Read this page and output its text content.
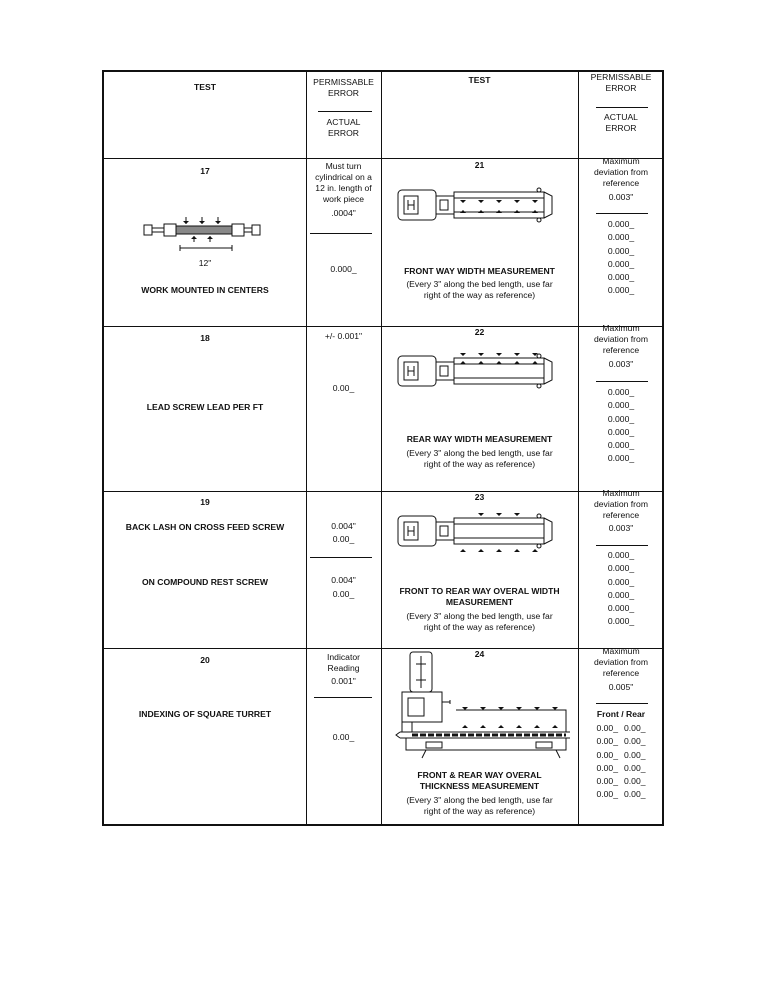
TEST	PERMISSABLE
ERROR
ACTUAL
ERROR
TEST	PERMISSABLE
ERROR
ACTUAL
ERROR
17
12"
WORK MOUNTED IN CENTERS
Must turn
cylindrical on a
12 in. length of
work piece
.0004"
0.000_
21
FRONT WAY WIDTH MEASUREMENT
(Every 3" along the bed length, use far
right of the way as reference)
Maximum
deviation from
reference
0.003"
0.000_
0.000_
0.000_
0.000_
0.000_
0.000_
18
LEAD SCREW LEAD PER FT
+/- 0.001"
0.00_
22
REAR WAY WIDTH MEASUREMENT
(Every 3" along the bed length, use far
right of the way as reference)
Maximum
deviation from
reference
0.003"
0.000_
0.000_
0.000_
0.000_
0.000_
0.000_
19
BACK LASH ON CROSS FEED SCREW
ON COMPOUND REST SCREW
0.004"
0.00_
0.004"
0.00_
23
FRONT TO REAR WAY OVERAL WIDTH
MEASUREMENT
(Every 3" along the bed length, use far
right of the way as reference)
Maximum
deviation from
reference
0.003"
0.000_
0.000_
0.000_
0.000_
0.000_
0.000_
20
INDEXING OF SQUARE TURRET
Indicator
Reading
0.001"
0.00_
24
FRONT & REAR WAY OVERAL
THICKNESS MEASUREMENT
(Every 3" along the bed length, use far
right of the way as reference)
Maximum
deviation from
reference
0.005"
Front / Rear
0.00_ 0.00_
0.00_ 0.00_
0.00_ 0.00_
0.00_ 0.00_
0.00_ 0.00_
0.00_ 0.00_
